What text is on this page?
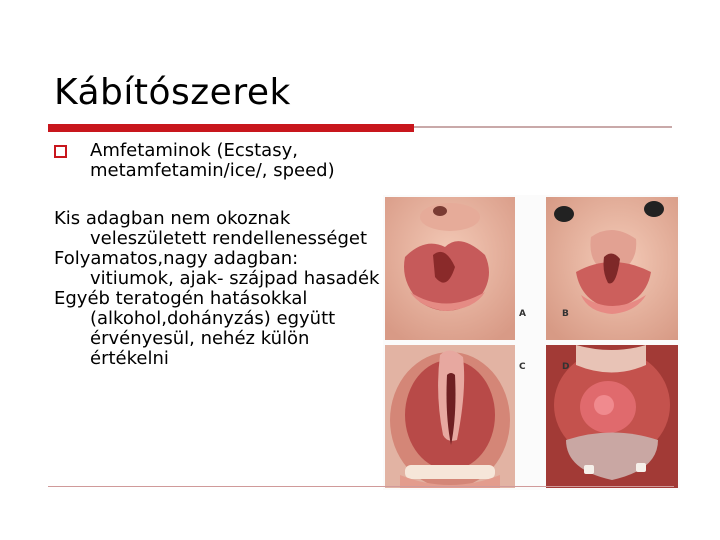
Kábítószerek
Amfetaminok (Ecstasy, metamfetamin/ice/, speed)

Kis adagban nem okoznak veleszületett rendellenességet

Folyamatos,nagy adagban: vitiumok, ajak- szájpad hasadék

Egyéb teratogén hatásokkal (alkohol,dohányzás) együtt érvényesül, nehéz külön értékelni

A	B
C	D
